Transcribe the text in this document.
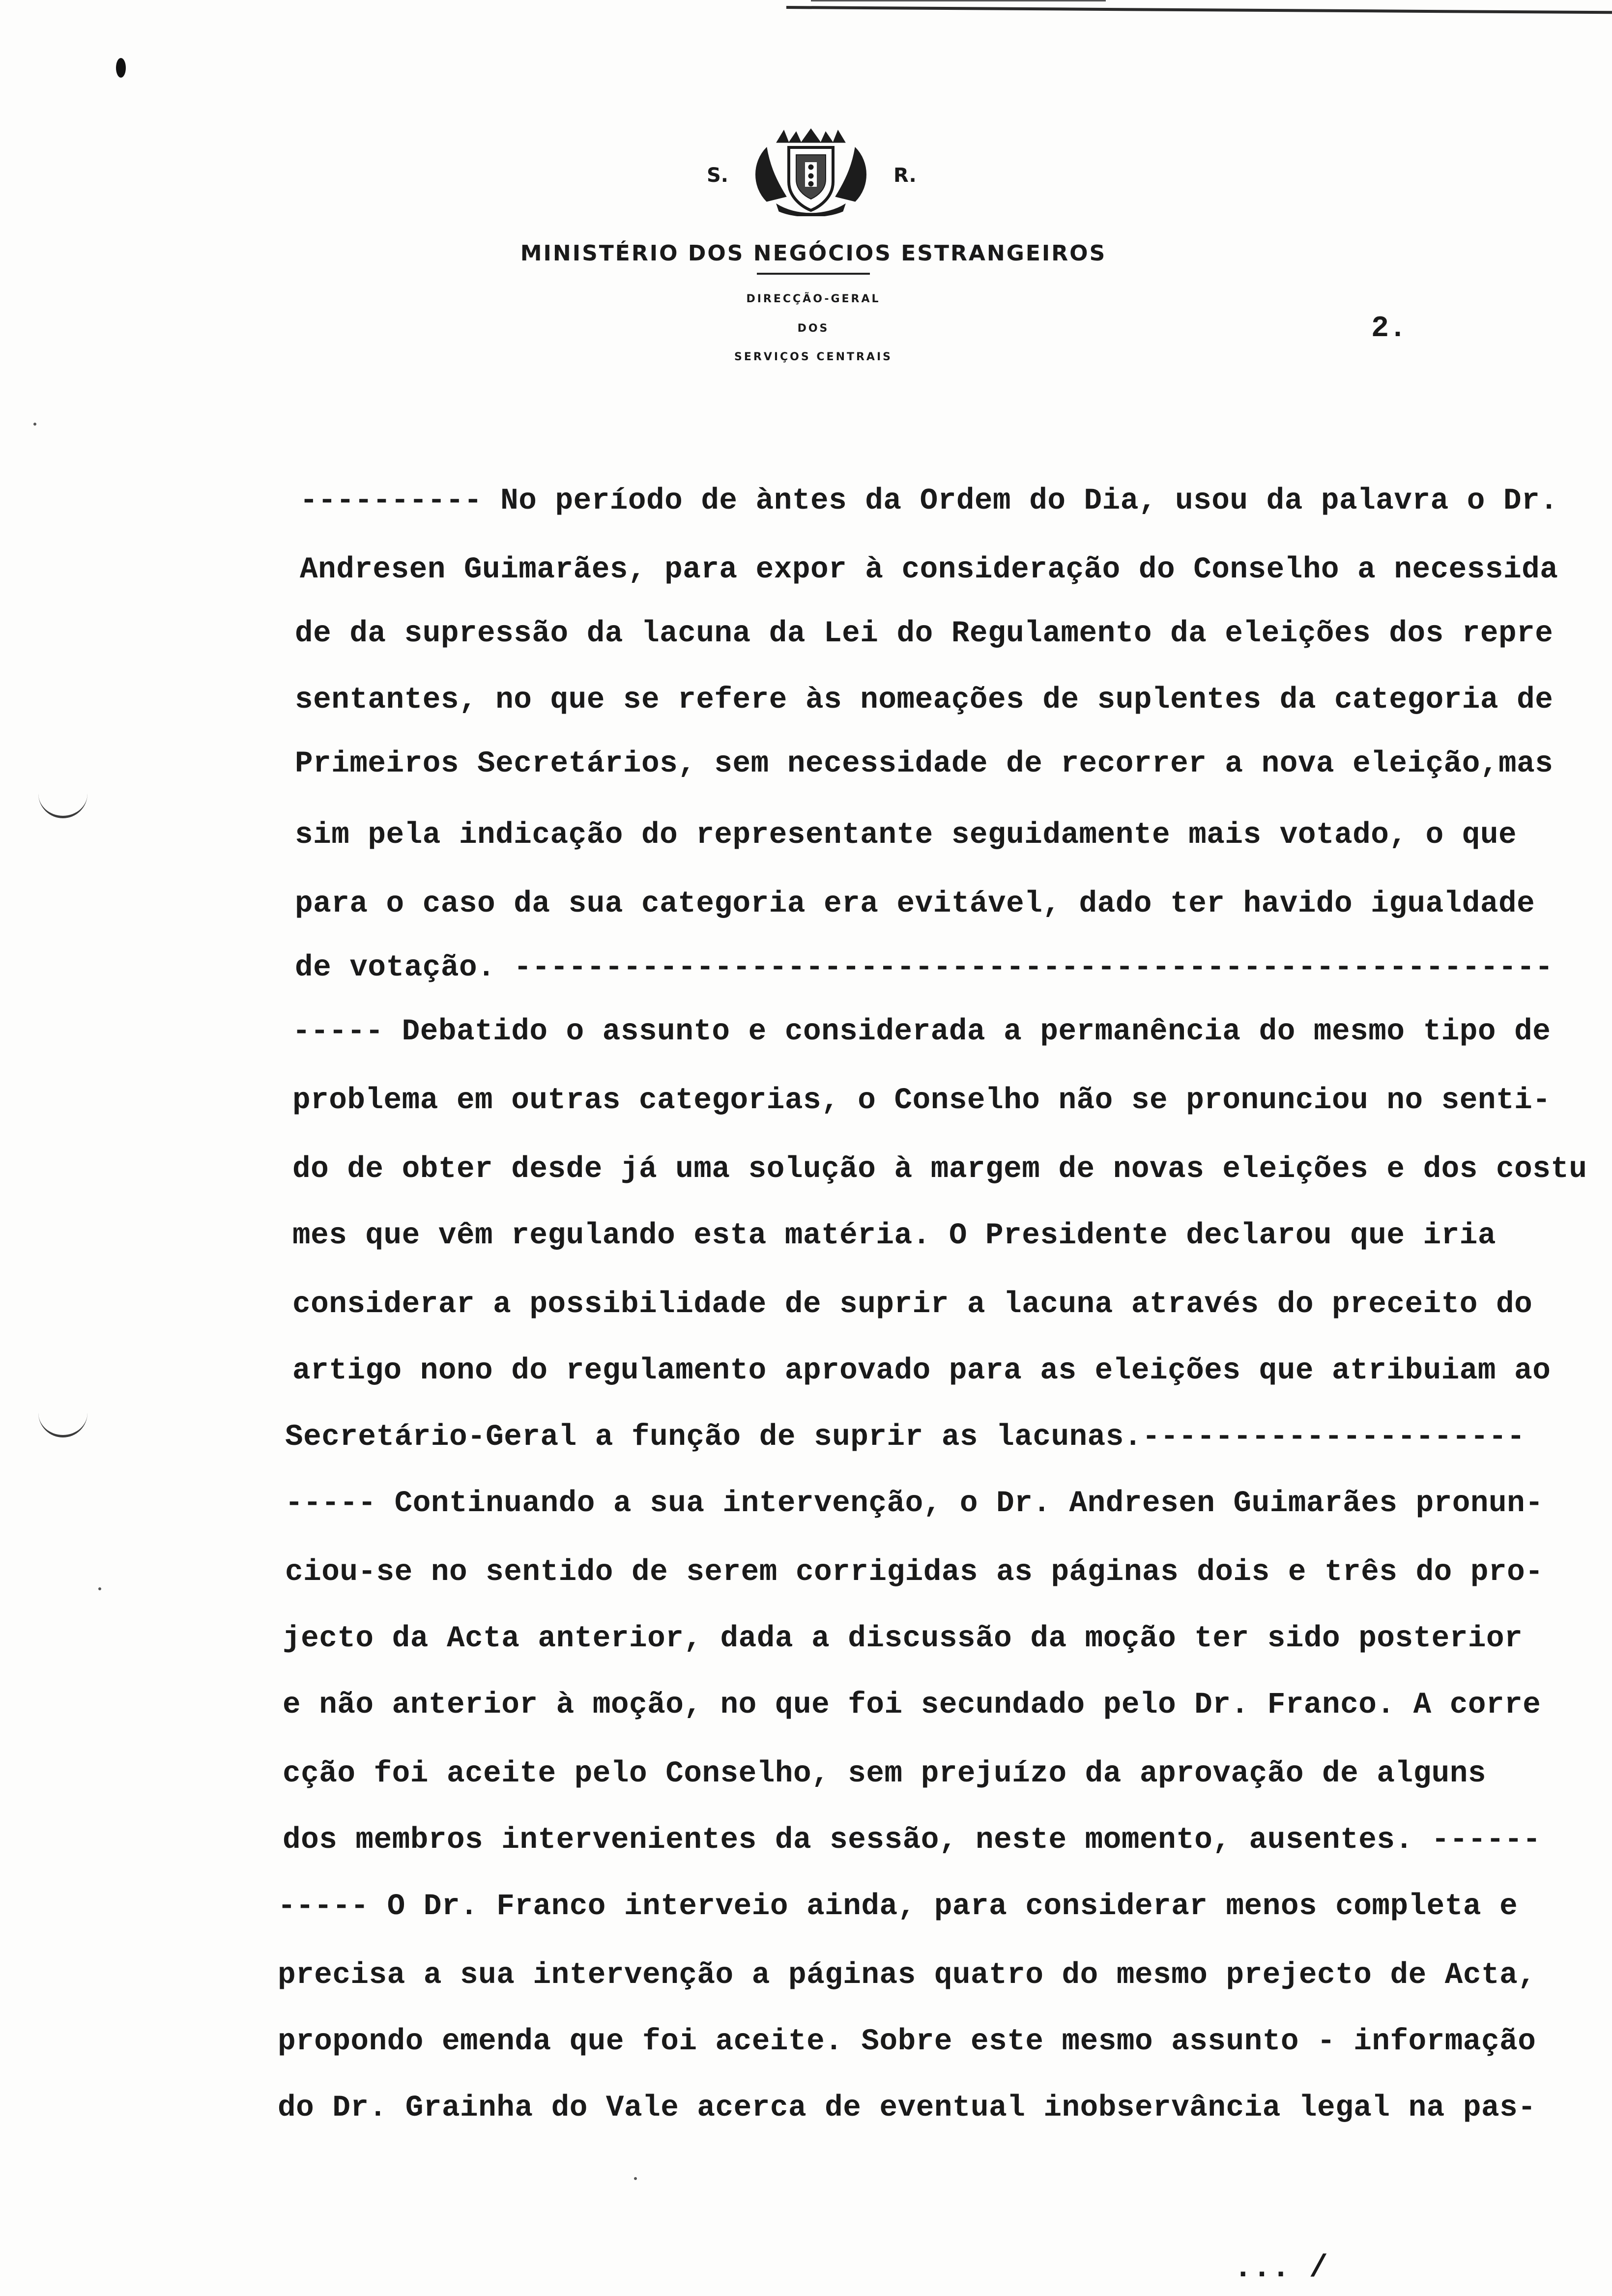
S.	R.
MINISTÉRIO DOS NEGÓCIOS ESTRANGEIROS
DIRECÇÃO-GERAL
DOS
SERVIÇOS CENTRAIS
2.
---------- No período de àntes da Ordem do Dia, usou da palavra o Dr.
Andresen Guimarães, para expor à consideração do Conselho a necessida
de da supressão da lacuna da Lei do Regulamento da eleições dos repre
sentantes, no que se refere às nomeações de suplentes da categoria de
Primeiros Secretários, sem necessidade de recorrer a nova eleição,mas
sim pela indicação do representante seguidamente mais votado, o que
para o caso da sua categoria era evitável, dado ter havido igualdade
de votação. ---------------------------------------------------------
----- Debatido o assunto e considerada a permanência do mesmo tipo de
problema em outras categorias, o Conselho não se pronunciou no senti-
do de obter desde já uma solução à margem de novas eleições e dos costu
mes que vêm regulando esta matéria. O Presidente declarou que iria
considerar a possibilidade de suprir a lacuna através do preceito do
artigo nono do regulamento aprovado para as eleições que atribuiam ao
Secretário-Geral a função de suprir as lacunas.---------------------
----- Continuando a sua intervenção, o Dr. Andresen Guimarães pronun-
ciou-se no sentido de serem corrigidas as páginas dois e três do pro-
jecto da Acta anterior, dada a discussão da moção ter sido posterior
e não anterior à moção, no que foi secundado pelo Dr. Franco. A corre
cção foi aceite pelo Conselho, sem prejuízo da aprovação de alguns
dos membros intervenientes da sessão, neste momento, ausentes. ------
----- O Dr. Franco interveio ainda, para considerar menos completa e
precisa a sua intervenção a páginas quatro do mesmo prejecto de Acta,
propondo emenda que foi aceite. Sobre este mesmo assunto - informação
do Dr. Grainha do Vale acerca de eventual inobservância legal na pas-
... /
